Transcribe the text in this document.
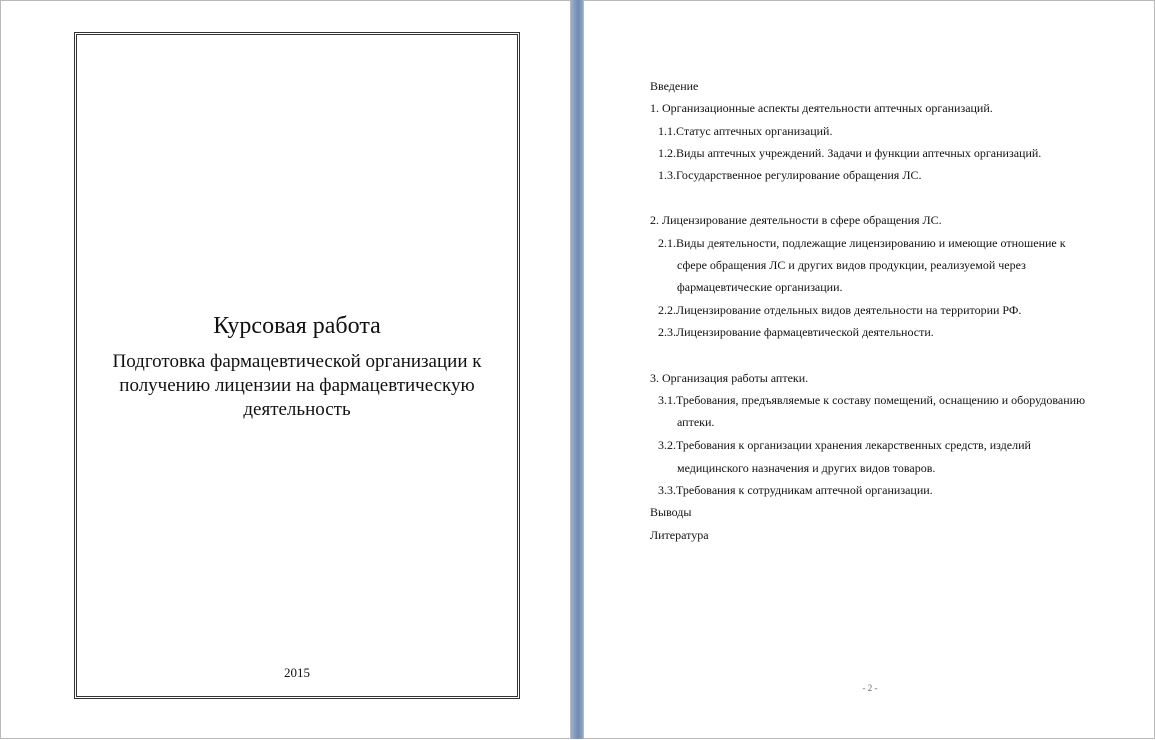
Курсовая работа
Подготовка фармацевтической организации к получению лицензии на фармацевтическую деятельность
2015
Введение
1. Организационные аспекты деятельности аптечных организаций.
1.1.Статус аптечных организаций.
1.2.Виды аптечных учреждений. Задачи и функции аптечных организаций.
1.3.Государственное регулирование обращения ЛС.
2. Лицензирование деятельности в сфере обращения ЛС.
2.1.Виды деятельности, подлежащие лицензированию и имеющие отношение к
сфере обращения ЛС и других видов продукции, реализуемой через
фармацевтические организации.
2.2.Лицензирование отдельных видов деятельности на территории РФ.
2.3.Лицензирование фармацевтической деятельности.
3. Организация работы аптеки.
3.1.Требования, предъявляемые к составу помещений, оснащению и оборудованию
аптеки.
3.2.Требования к организации хранения лекарственных средств, изделий
медицинского назначения и других видов товаров.
3.3.Требования к сотрудникам аптечной организации.
Выводы
Литература
- 2 -
